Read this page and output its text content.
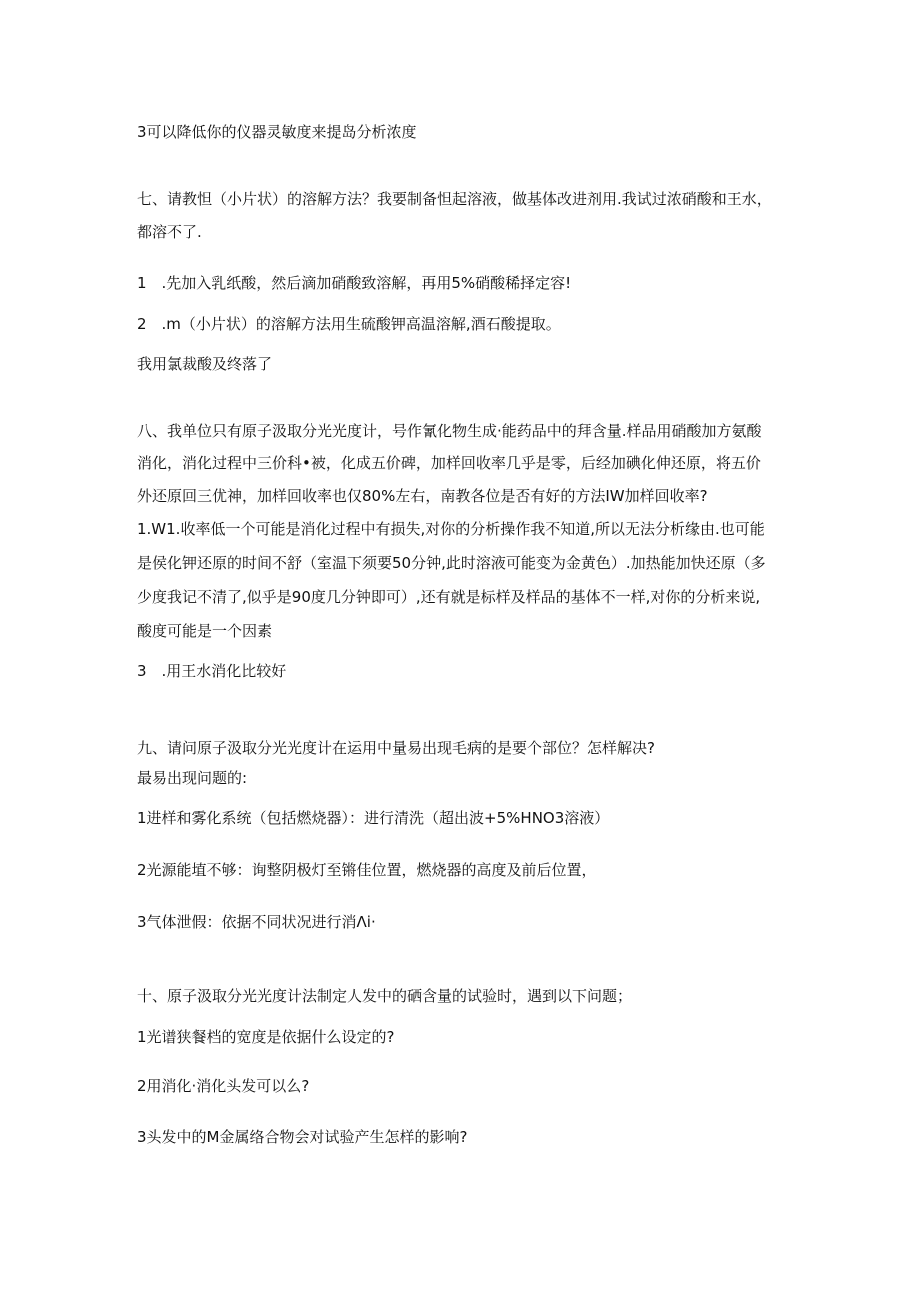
3可以降低你的仪器灵敏度来提岛分析浓度
七、请教怛（小片状）的溶解方法？我要制备怛起溶液，做基体改进剂用.我试过浓硝酸和王水，
都溶不了.
1　.先加入乳纸酸，然后滴加硝酸致溶解，再用5%硝酸稀择定容!
2　.m（小片状）的溶解方法用生硫酸钾高温溶解,酒石酸提取。
我用氯裁酸及终落了
八、我单位只有原子汲取分光光度计，号作氰化物生成·能药品中的拜含量.样品用硝酸加方氨酸
消化，消化过程中三价科•被，化成五价碑，加样回收率几乎是零，后经加碘化伸还原，将五价
外还原回三优神，加样回收率也仅80%左右，南教各位是否有好的方法IW加样回收率?
1.W1.收率低一个可能是消化过程中有损失,对你的分析操作我不知道,所以无法分析缘由.也可能
是侯化钾还原的时间不舒（室温下须要50分钟,此时溶液可能变为金黄色）.加热能加快还原（多
少度我记不清了,似乎是90度几分钟即可）,还有就是标样及样品的基体不一样,对你的分析来说,
酸度可能是一个因素
3　.用王水消化比较好
九、请问原子汲取分光光度计在运用中量易出现毛病的是要个部位？怎样解决?
最易出现问题的:
1进样和雾化系统（包括燃烧器）：进行清洗（超出波+5%HNO3溶液）
2光源能埴不够：询整阴极灯至锵佳位置，燃烧器的高度及前后位置，
3气体泄假：依据不同状况进行消Λi·
十、原子汲取分光光度计法制定人发中的硒含量的试验时，遇到以下问题；
1光谱狭餐档的宽度是依据什么设定的?
2用消化·消化头发可以么?
3头发中的M金属络合物会对试验产生怎样的影响?
